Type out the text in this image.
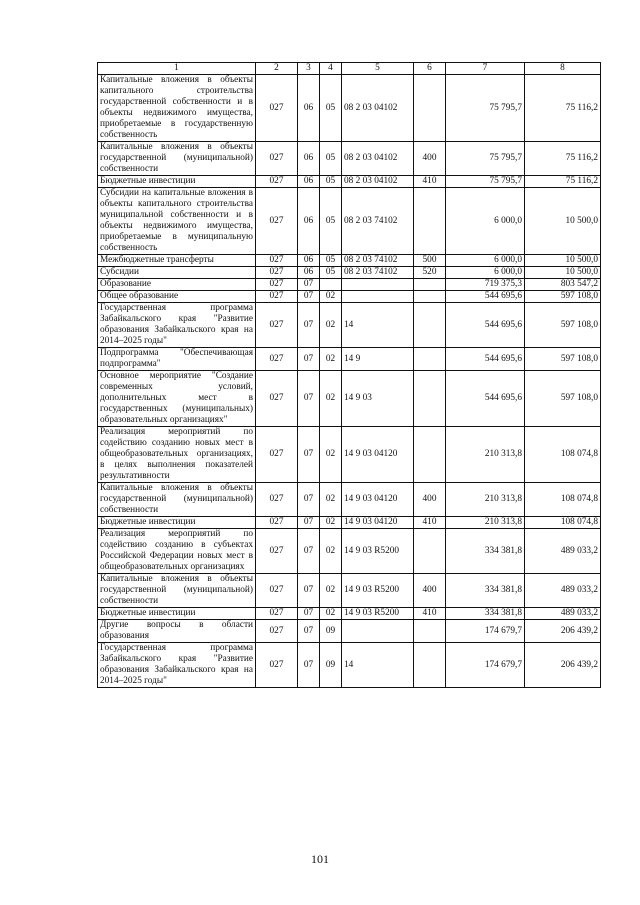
1	2	3	4	5	6	7	8
Капитальные вложения в объекты капитального строительства государственной собственности и в объекты недвижимого имущества, приобретаемые в государственную собственность	027	06	05	08 2 03 04102		75 795,7	75 116,2
Капитальные вложения в объекты государственной (муниципальной) собственности	027	06	05	08 2 03 04102	400	75 795,7	75 116,2
Бюджетные инвестиции	027	06	05	08 2 03 04102	410	75 795,7	75 116,2
Субсидии на капитальные вложения в объекты капитального строительства муниципальной собственности и в объекты недвижимого имущества, приобретаемые в муниципальную собственность	027	06	05	08 2 03 74102		6 000,0	10 500,0
Межбюджетные трансферты	027	06	05	08 2 03 74102	500	6 000,0	10 500,0
Субсидии	027	06	05	08 2 03 74102	520	6 000,0	10 500,0
Образование	027	07				719 375,3	803 547,2
Общее образование	027	07	02			544 695,6	597 108,0
Государственная программа Забайкальского края "Развитие образования Забайкальского края на 2014–2025 годы"	027	07	02	14		544 695,6	597 108,0
Подпрограмма "Обеспечивающая подпрограмма"	027	07	02	14 9		544 695,6	597 108,0
Основное мероприятие "Создание современных условий, дополнительных мест в государственных (муниципальных) образовательных организациях"	027	07	02	14 9 03		544 695,6	597 108,0
Реализация мероприятий по содействию созданию новых мест в общеобразовательных организациях, в целях выполнения показателей результативности	027	07	02	14 9 03 04120		210 313,8	108 074,8
Капитальные вложения в объекты государственной (муниципальной) собственности	027	07	02	14 9 03 04120	400	210 313,8	108 074,8
Бюджетные инвестиции	027	07	02	14 9 03 04120	410	210 313,8	108 074,8
Реализация мероприятий по содействию созданию в субъектах Российской Федерации новых мест в общеобразовательных организациях	027	07	02	14 9 03 R5200		334 381,8	489 033,2
Капитальные вложения в объекты государственной (муниципальной) собственности	027	07	02	14 9 03 R5200	400	334 381,8	489 033,2
Бюджетные инвестиции	027	07	02	14 9 03 R5200	410	334 381,8	489 033,2
Другие вопросы в области образования	027	07	09			174 679,7	206 439,2
Государственная программа Забайкальского края "Развитие образования Забайкальского края на 2014–2025 годы"	027	07	09	14		174 679,7	206 439,2
101
